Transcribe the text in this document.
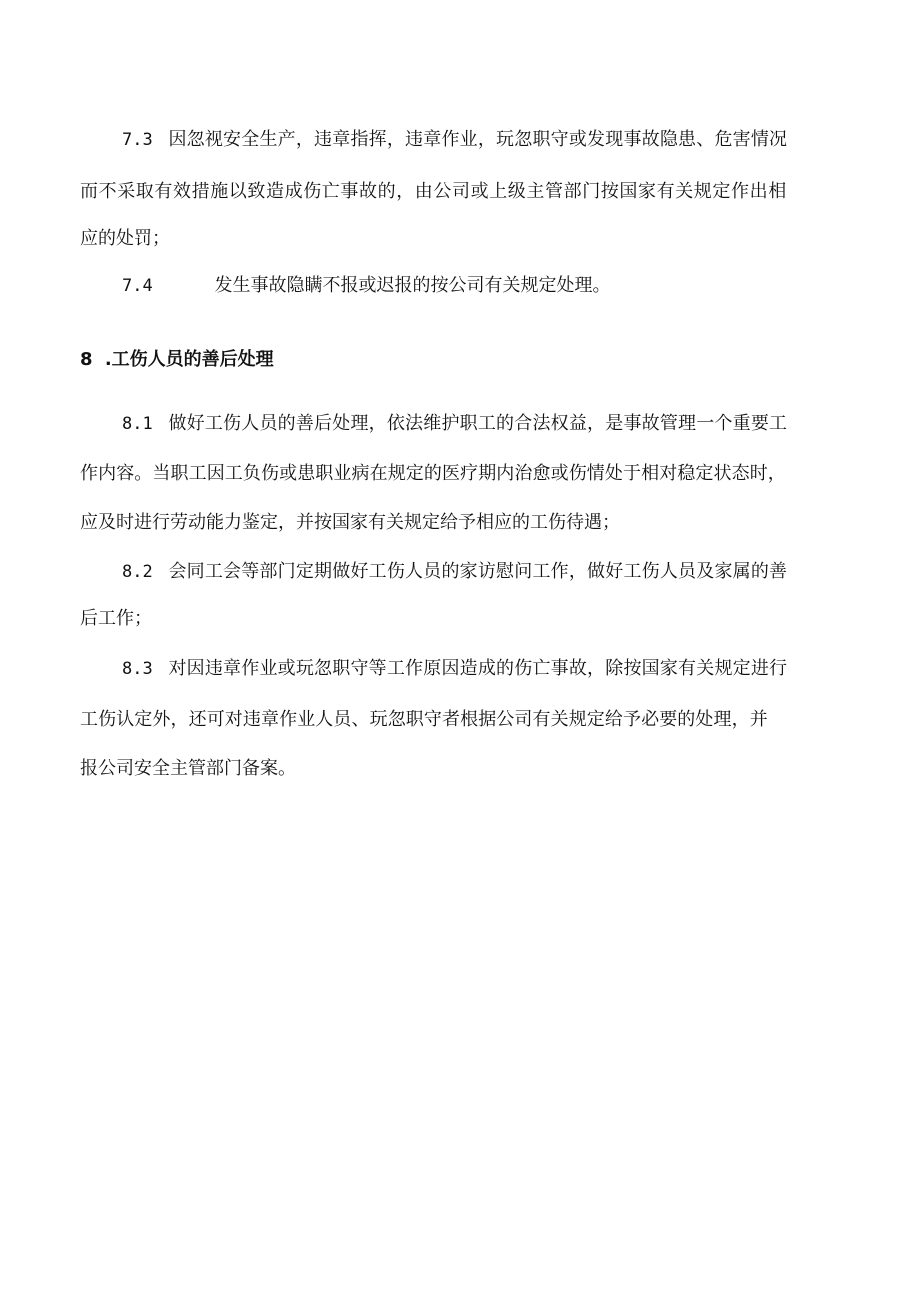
7.3 因忽视安全生产，违章指挥，违章作业，玩忽职守或发现事故隐患、危害情况
而不采取有效措施以致造成伤亡事故的，由公司或上级主管部门按国家有关规定作出相
应的处罚；
7.4	发生事故隐瞒不报或迟报的按公司有关规定处理。
8 .工伤人员的善后处理
8.1 做好工伤人员的善后处理，依法维护职工的合法权益，是事故管理一个重要工
作内容。当职工因工负伤或患职业病在规定的医疗期内治愈或伤情处于相对稳定状态时，
应及时进行劳动能力鉴定，并按国家有关规定给予相应的工伤待遇；
8.2 会同工会等部门定期做好工伤人员的家访慰问工作，做好工伤人员及家属的善
后工作；
8.3 对因违章作业或玩忽职守等工作原因造成的伤亡事故，除按国家有关规定进行
工伤认定外，还可对违章作业人员、玩忽职守者根据公司有关规定给予必要的处理，并
报公司安全主管部门备案。
